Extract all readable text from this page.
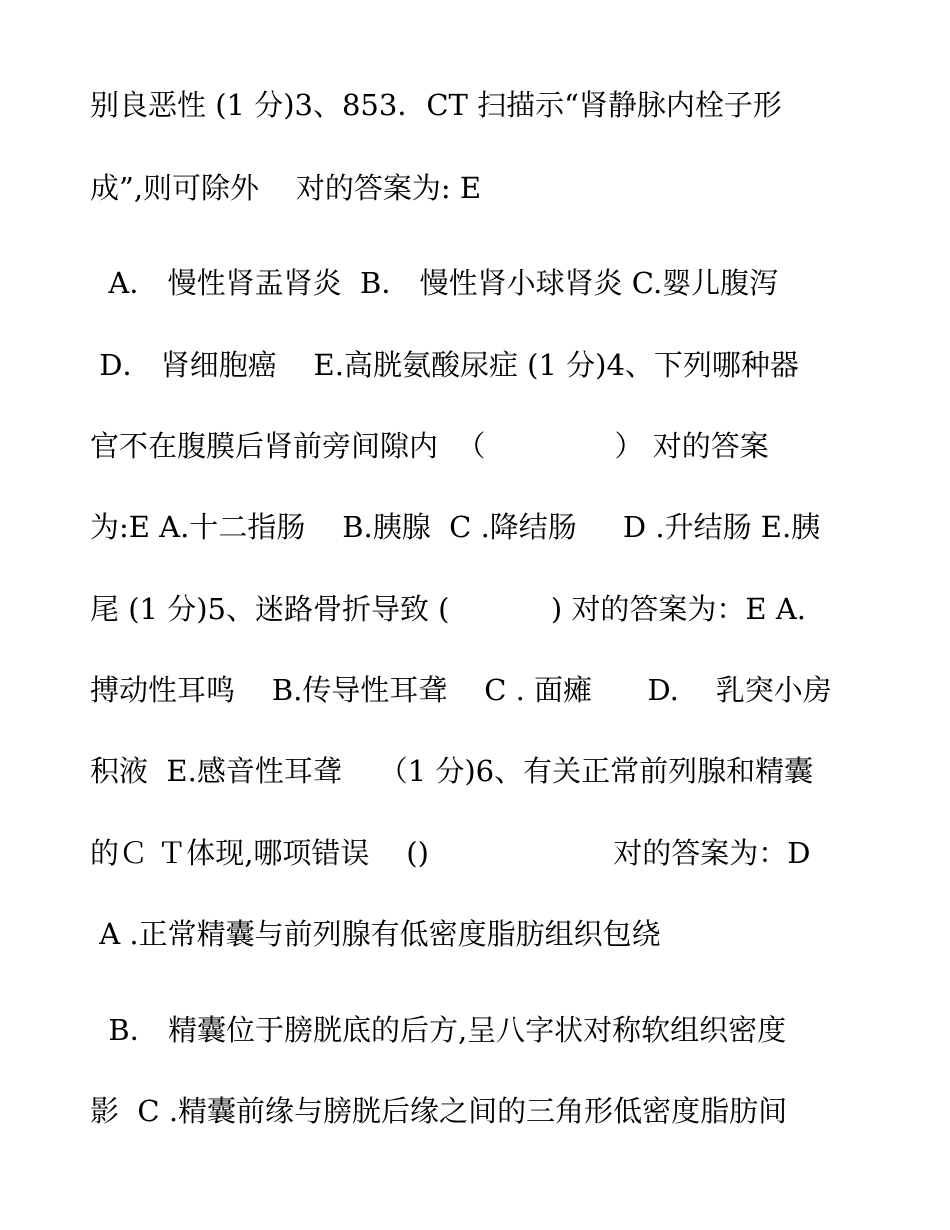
别良恶性 (1 分)3、853．CT 扫描示“肾静脉内栓子形
成”,则可除外    对的答案为: E
A． 慢性肾盂肾炎  B． 慢性肾小球肾炎 C.婴儿腹泻
D． 肾细胞癌    E.高胱氨酸尿症 (1 分)4、下列哪种器
官不在腹膜后肾前旁间隙内  （              ） 对的答案
为:E A.十二指肠    B.胰腺  C .降结肠     D .升结肠 E.胰
尾 (1 分)5、迷路骨折导致 (           ) 对的答案为：E A.
搏动性耳鸣    B.传导性耳聋    C . 面瘫      D.    乳突小房
积液  E.感音性耳聋    （1 分)6、有关正常前列腺和精囊
的Ｃ Ｔ体现,哪项错误    ()                    对的答案为：D
A .正常精囊与前列腺有低密度脂肪组织包绕
B． 精囊位于膀胱底的后方,呈八字状对称软组织密度
影  C .精囊前缘与膀胱后缘之间的三角形低密度脂肪间
